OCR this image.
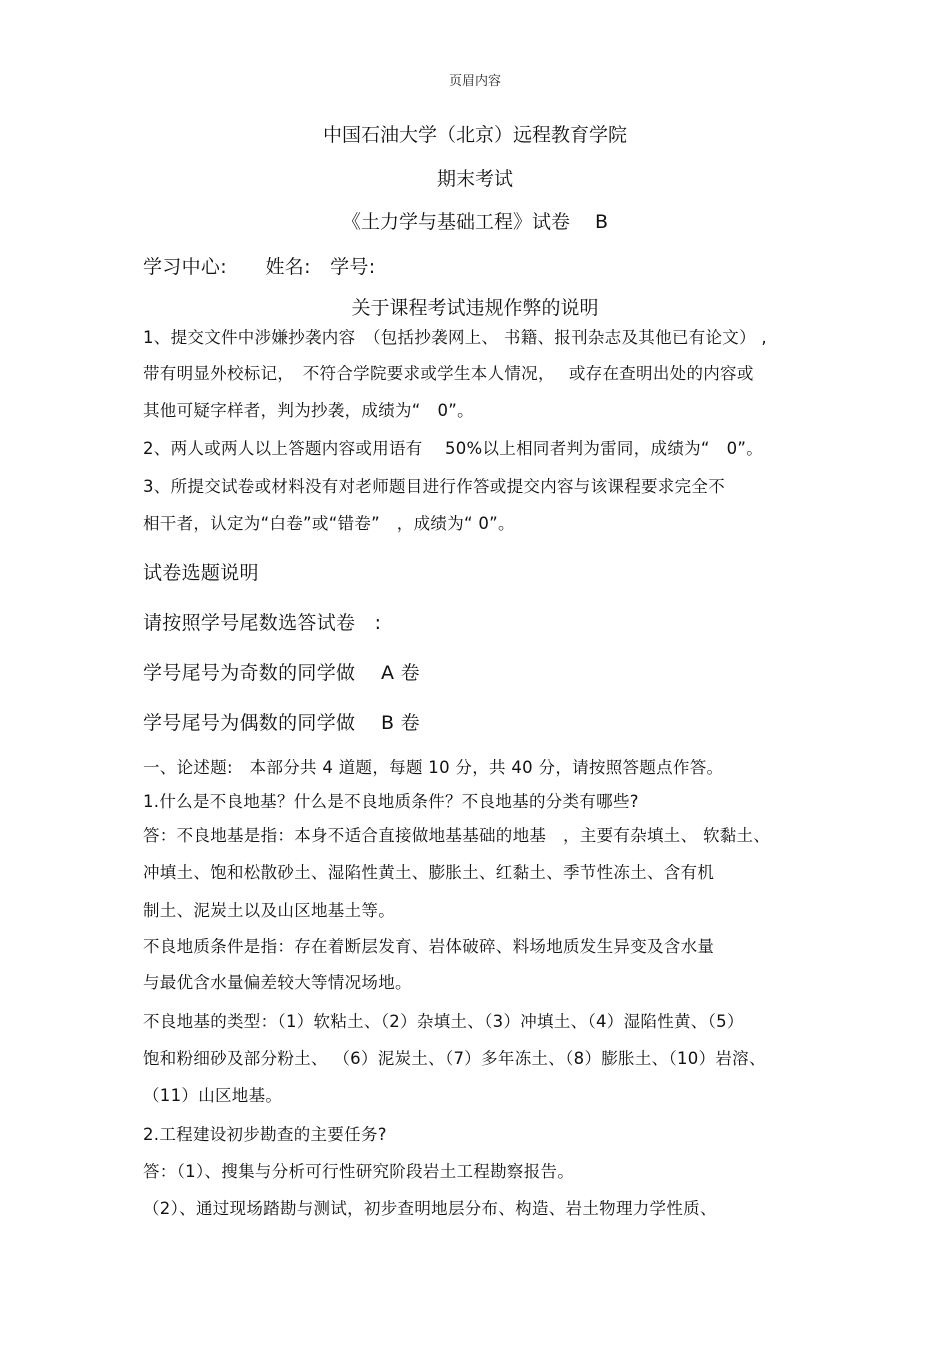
页眉内容
中国石油大学（北京）远程教育学院
期末考试
《土力学与基础工程》试卷　 B
学习中心:　　姓名:　学号:
关于课程考试违规作弊的说明
1、提交文件中涉嫌抄袭内容　（包括抄袭网上、 书籍、报刊杂志及其他已有论文） ,
带有明显外校标记，　不符合学院要求或学生本人情况，　 或存在查明出处的内容或
其他可疑字样者，判为抄袭，成绩为“　0”。
2、两人或两人以上答题内容或用语有　 50%以上相同者判为雷同，成绩为“　0”。
3、所提交试卷或材料没有对老师题目进行作答或提交内容与该课程要求完全不
相干者，认定为“白卷”或“错卷”　，成绩为“ 0”。
试卷选题说明
请按照学号尾数选答试卷　:
学号尾号为奇数的同学做　 A 卷
学号尾号为偶数的同学做　 B 卷
一、论述题:　本部分共 4 道题，每题 10 分，共 40 分，请按照答题点作答。
1.什么是不良地基？什么是不良地质条件？不良地基的分类有哪些?
答：不良地基是指：本身不适合直接做地基基础的地基　，主要有杂填土、 软黏土、
冲填土、饱和松散砂土、湿陷性黄土、膨胀土、红黏土、季节性冻土、含有机
制土、泥炭土以及山区地基土等。
不良地质条件是指：存在着断层发育、岩体破碎、料场地质发生异变及含水量
与最优含水量偏差较大等情况场地。
不良地基的类型：（1）软粘土、（2）杂填土、（3）冲填土、（4）湿陷性黄、（5）
饱和粉细砂及部分粉土、 （6）泥炭土、（7）多年冻土、（8）膨胀土、（10）岩溶、
（11）山区地基。
2.工程建设初步勘查的主要任务?
答：（1）、搜集与分析可行性研究阶段岩土工程勘察报告。
（2）、通过现场踏勘与测试，初步查明地层分布、构造、岩土物理力学性质、
